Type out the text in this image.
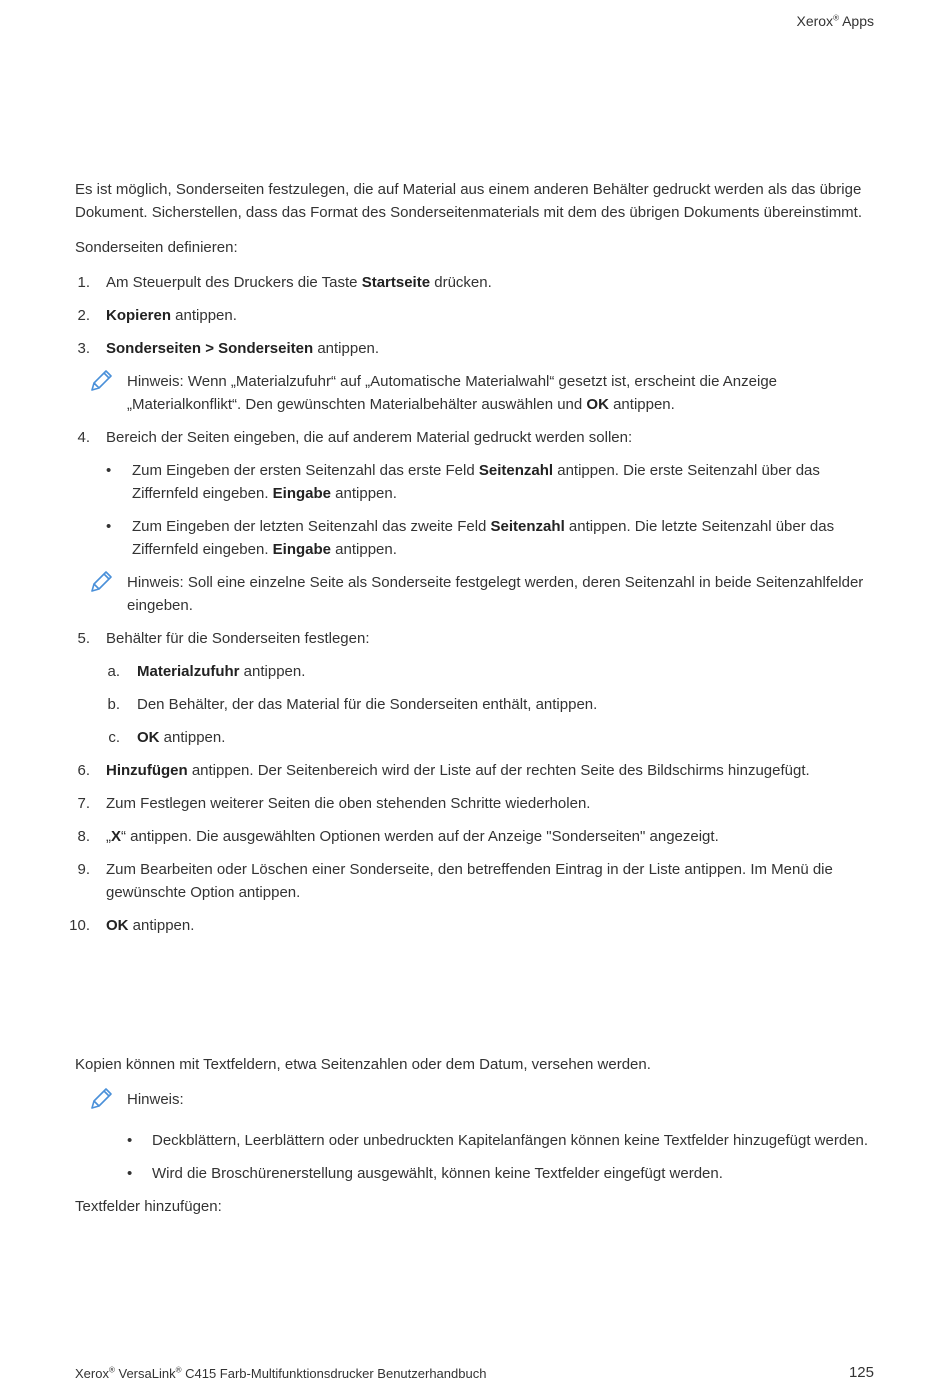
Xerox® Apps

Es ist möglich, Sonderseiten festzulegen, die auf Material aus einem anderen Behälter gedruckt werden als das übrige Dokument. Sicherstellen, dass das Format des Sonderseitenmaterials mit dem des übrigen Dokuments übereinstimmt.

Sonderseiten definieren:

1. Am Steuerpult des Druckers die Taste Startseite drücken.
2. Kopieren antippen.
3. Sonderseiten > Sonderseiten antippen.
Hinweis: Wenn „Materialzufuhr“ auf „Automatische Materialwahl“ gesetzt ist, erscheint die Anzeige „Materialkonflikt“. Den gewünschten Materialbehälter auswählen und OK antippen.
4. Bereich der Seiten eingeben, die auf anderem Material gedruckt werden sollen:
• Zum Eingeben der ersten Seitenzahl das erste Feld Seitenzahl antippen. Die erste Seitenzahl über das Ziffernfeld eingeben. Eingabe antippen.
• Zum Eingeben der letzten Seitenzahl das zweite Feld Seitenzahl antippen. Die letzte Seitenzahl über das Ziffernfeld eingeben. Eingabe antippen.
Hinweis: Soll eine einzelne Seite als Sonderseite festgelegt werden, deren Seitenzahl in beide Seitenzahlfelder eingeben.
5. Behälter für die Sonderseiten festlegen:
a. Materialzufuhr antippen.
b. Den Behälter, der das Material für die Sonderseiten enthält, antippen.
c. OK antippen.
6. Hinzufügen antippen. Der Seitenbereich wird der Liste auf der rechten Seite des Bildschirms hinzugefügt.
7. Zum Festlegen weiterer Seiten die oben stehenden Schritte wiederholen.
8. „X“ antippen. Die ausgewählten Optionen werden auf der Anzeige "Sonderseiten" angezeigt.
9. Zum Bearbeiten oder Löschen einer Sonderseite, den betreffenden Eintrag in der Liste antippen. Im Menü die gewünschte Option antippen.
10. OK antippen.

Kopien können mit Textfeldern, etwa Seitenzahlen oder dem Datum, versehen werden.

Hinweis:
• Deckblättern, Leerblättern oder unbedruckten Kapitelanfängen können keine Textfelder hinzugefügt werden.
• Wird die Broschürenerstellung ausgewählt, können keine Textfelder eingefügt werden.

Textfelder hinzufügen:

Xerox® VersaLink® C415 Farb-Multifunktionsdrucker Benutzerhandbuch	125
